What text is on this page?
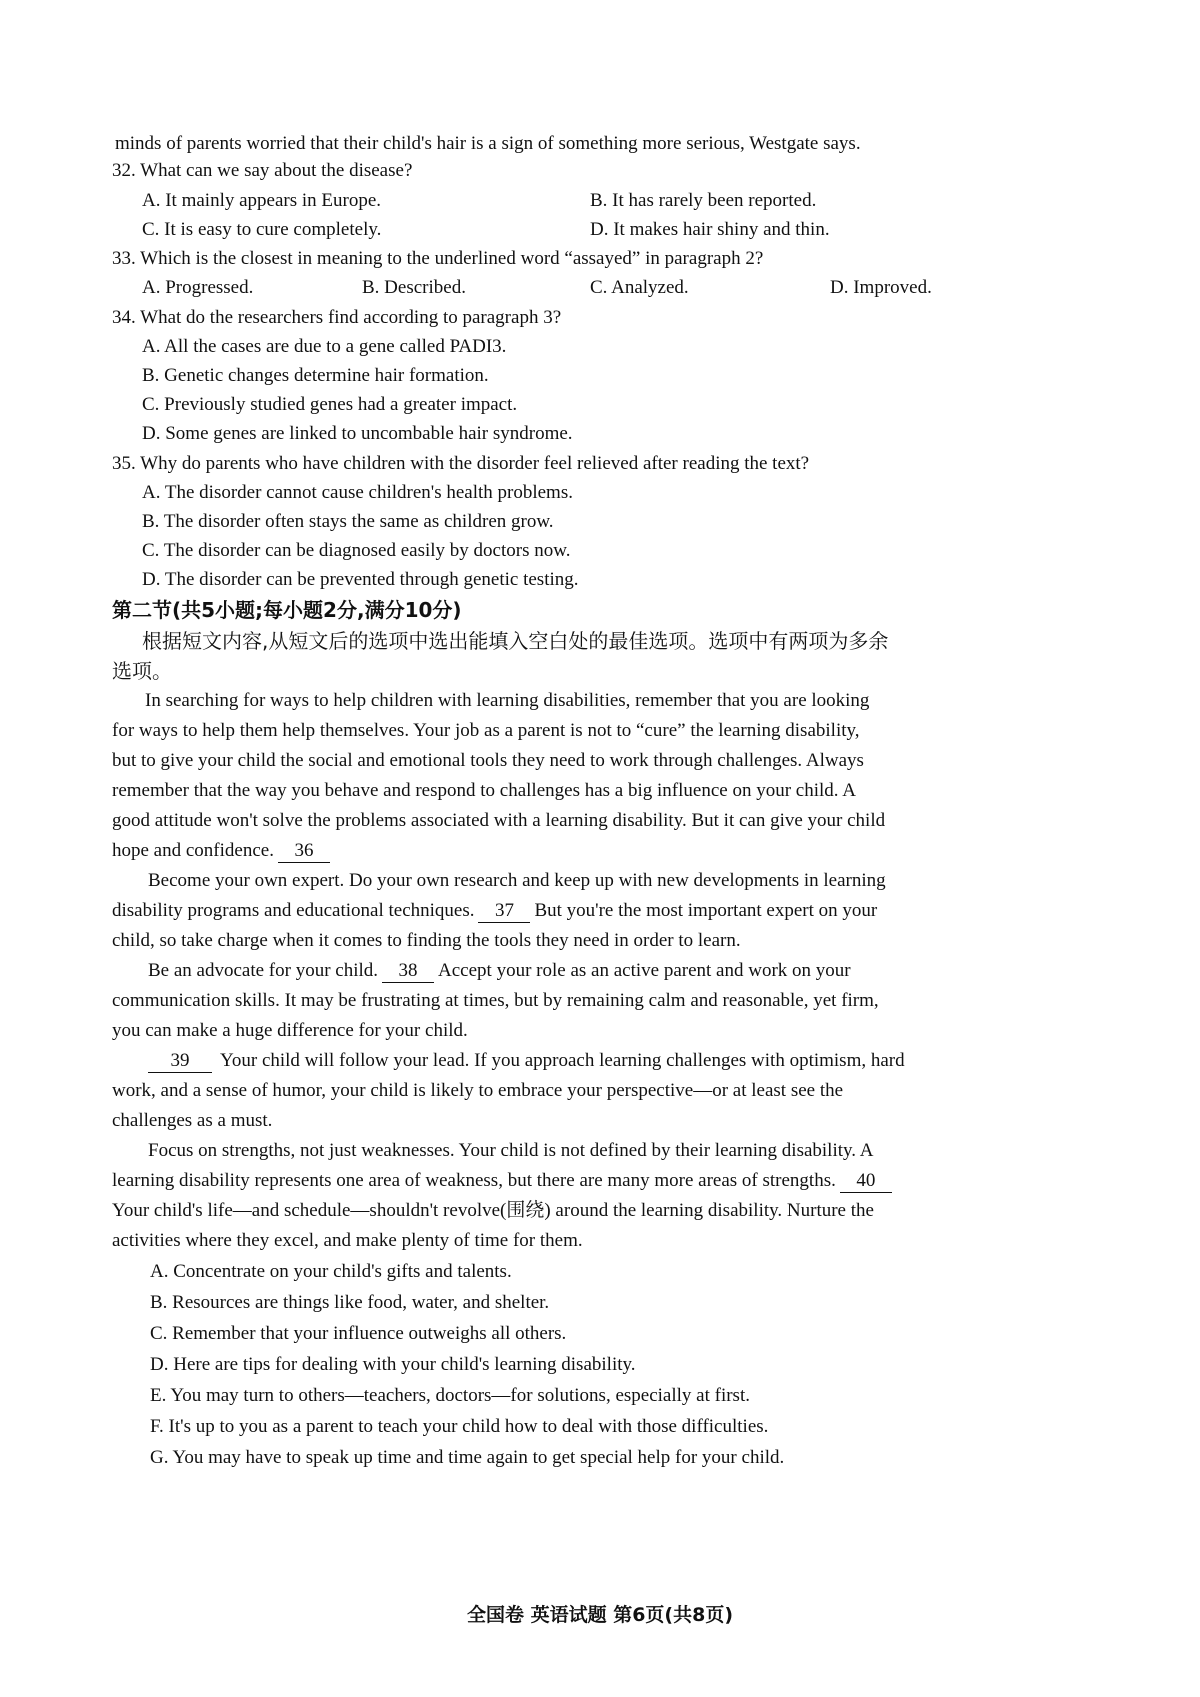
minds of parents worried that their child's hair is a sign of something more serious, Westgate says.
32. What can we say about the disease?
A. It mainly appears in Europe.	B. It has rarely been reported.
C. It is easy to cure completely.	D. It makes hair shiny and thin.
33. Which is the closest in meaning to the underlined word “assayed” in paragraph 2?
A. Progressed.	B. Described.	C. Analyzed.	D. Improved.
34. What do the researchers find according to paragraph 3?
A. All the cases are due to a gene called PADI3.
B. Genetic changes determine hair formation.
C. Previously studied genes had a greater impact.
D. Some genes are linked to uncombable hair syndrome.
35. Why do parents who have children with the disorder feel relieved after reading the text?
A. The disorder cannot cause children's health problems.
B. The disorder often stays the same as children grow.
C. The disorder can be diagnosed easily by doctors now.
D. The disorder can be prevented through genetic testing.
第二节(共5小题;每小题2分,满分10分)
根据短文内容,从短文后的选项中选出能填入空白处的最佳选项。选项中有两项为多余
选项。
In searching for ways to help children with learning disabilities, remember that you are looking
for ways to help them help themselves. Your job as a parent is not to “cure” the learning disability,
but to give your child the social and emotional tools they need to work through challenges. Always
remember that the way you behave and respond to challenges has a big influence on your child. A
good attitude won't solve the problems associated with a learning disability. But it can give your child
hope and confidence. 36
Become your own expert. Do your own research and keep up with new developments in learning
disability programs and educational techniques. 37 But you're the most important expert on your
child, so take charge when it comes to finding the tools they need in order to learn.
Be an advocate for your child. 38 Accept your role as an active parent and work on your
communication skills. It may be frustrating at times, but by remaining calm and reasonable, yet firm,
you can make a huge difference for your child.
39 Your child will follow your lead. If you approach learning challenges with optimism, hard
work, and a sense of humor, your child is likely to embrace your perspective—or at least see the
challenges as a must.
Focus on strengths, not just weaknesses. Your child is not defined by their learning disability. A
learning disability represents one area of weakness, but there are many more areas of strengths. 40
Your child's life—and schedule—shouldn't revolve(围绕) around the learning disability. Nurture the
activities where they excel, and make plenty of time for them.
A. Concentrate on your child's gifts and talents.
B. Resources are things like food, water, and shelter.
C. Remember that your influence outweighs all others.
D. Here are tips for dealing with your child's learning disability.
E. You may turn to others—teachers, doctors—for solutions, especially at first.
F. It's up to you as a parent to teach your child how to deal with those difficulties.
G. You may have to speak up time and time again to get special help for your child.
全国卷 英语试题 第6页(共8页)
